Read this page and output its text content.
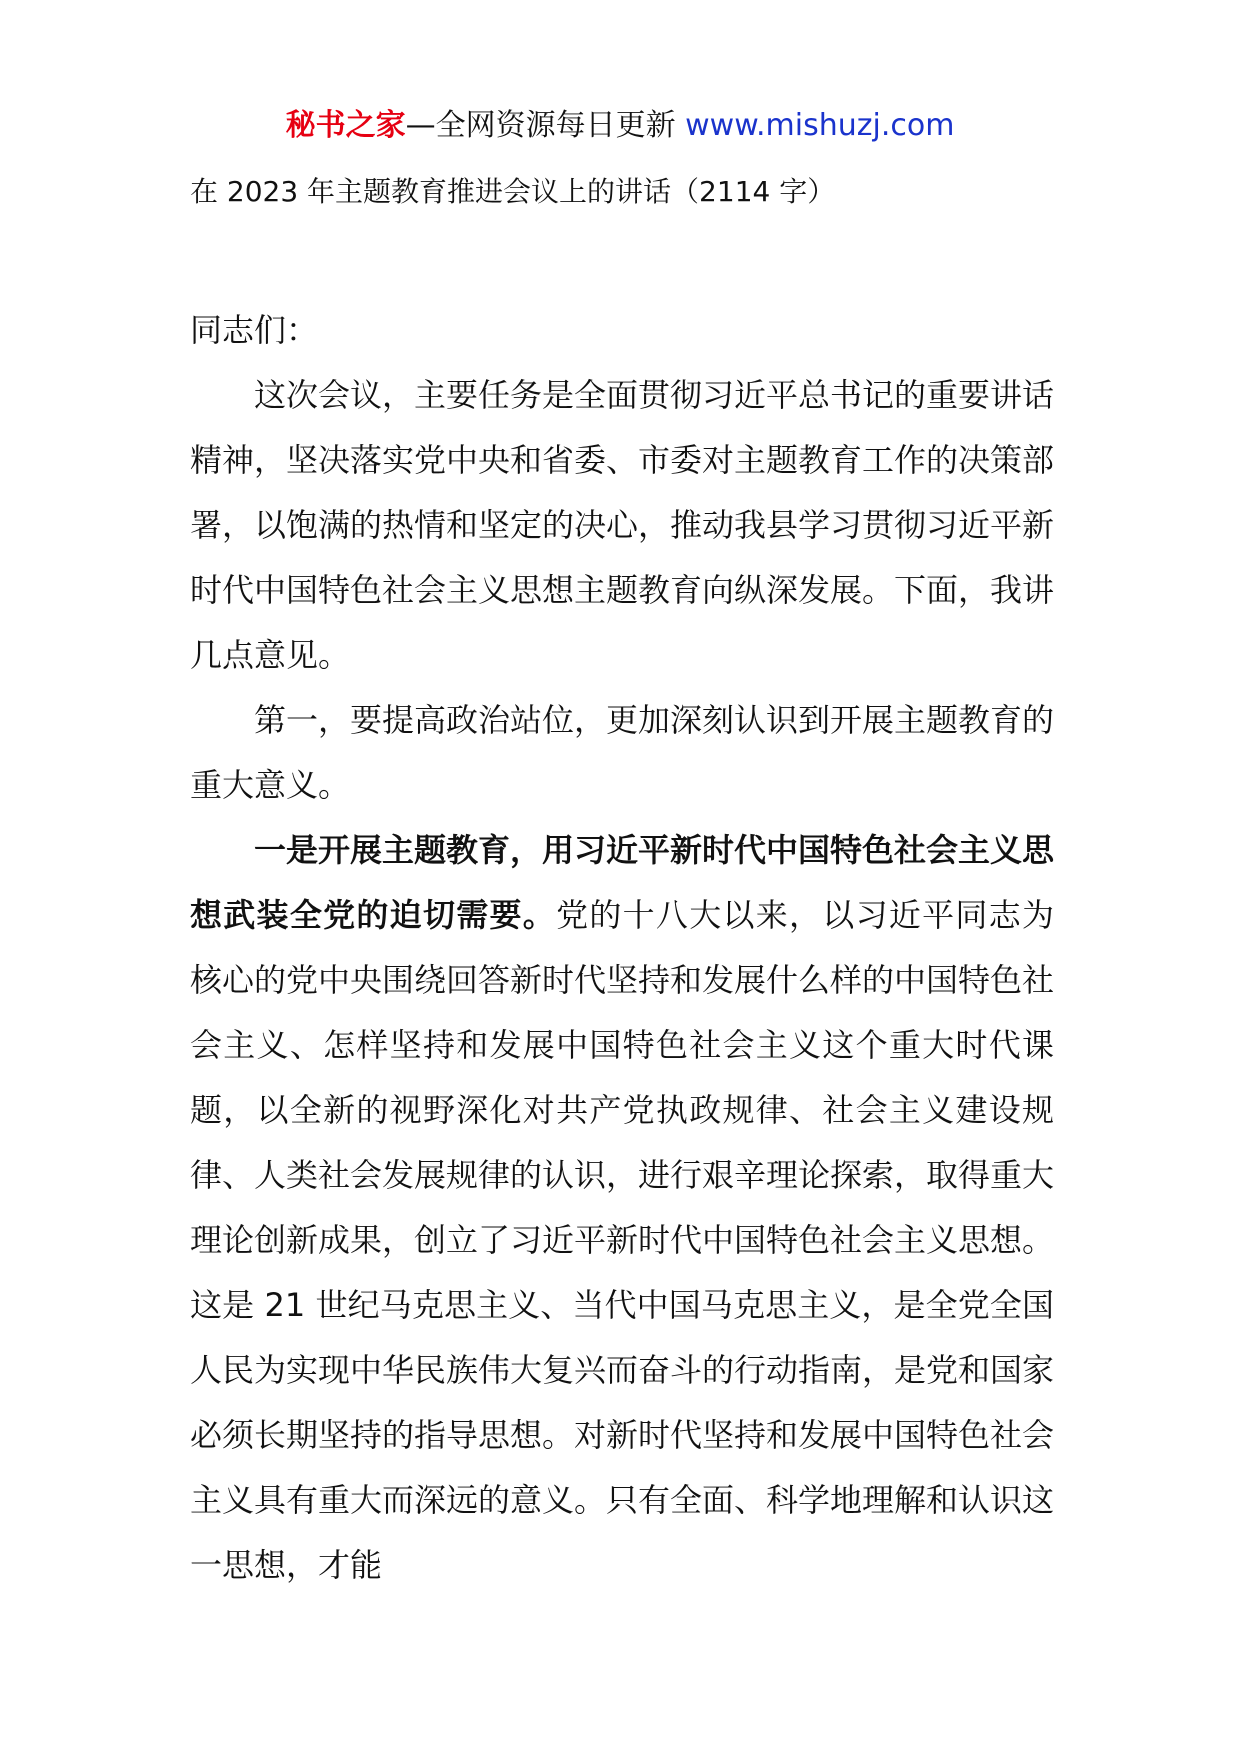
秘书之家—全网资源每日更新 www.mishuzj.com
在 2023 年主题教育推进会议上的讲话（2114 字）

同志们：

这次会议，主要任务是全面贯彻习近平总书记的重要讲话精神，坚决落实党中央和省委、市委对主题教育工作的决策部署，以饱满的热情和坚定的决心，推动我县学习贯彻习近平新时代中国特色社会主义思想主题教育向纵深发展。下面，我讲几点意见。

第一，要提高政治站位，更加深刻认识到开展主题教育的重大意义。

一是开展主题教育，用习近平新时代中国特色社会主义思想武装全党的迫切需要。党的十八大以来，以习近平同志为核心的党中央围绕回答新时代坚持和发展什么样的中国特色社会主义、怎样坚持和发展中国特色社会主义这个重大时代课题，以全新的视野深化对共产党执政规律、社会主义建设规律、人类社会发展规律的认识，进行艰辛理论探索，取得重大理论创新成果，创立了习近平新时代中国特色社会主义思想。这是 21 世纪马克思主义、当代中国马克思主义，是全党全国人民为实现中华民族伟大复兴而奋斗的行动指南，是党和国家必须长期坚持的指导思想。对新时代坚持和发展中国特色社会主义具有重大而深远的意义。只有全面、科学地理解和认识这一思想，才能
